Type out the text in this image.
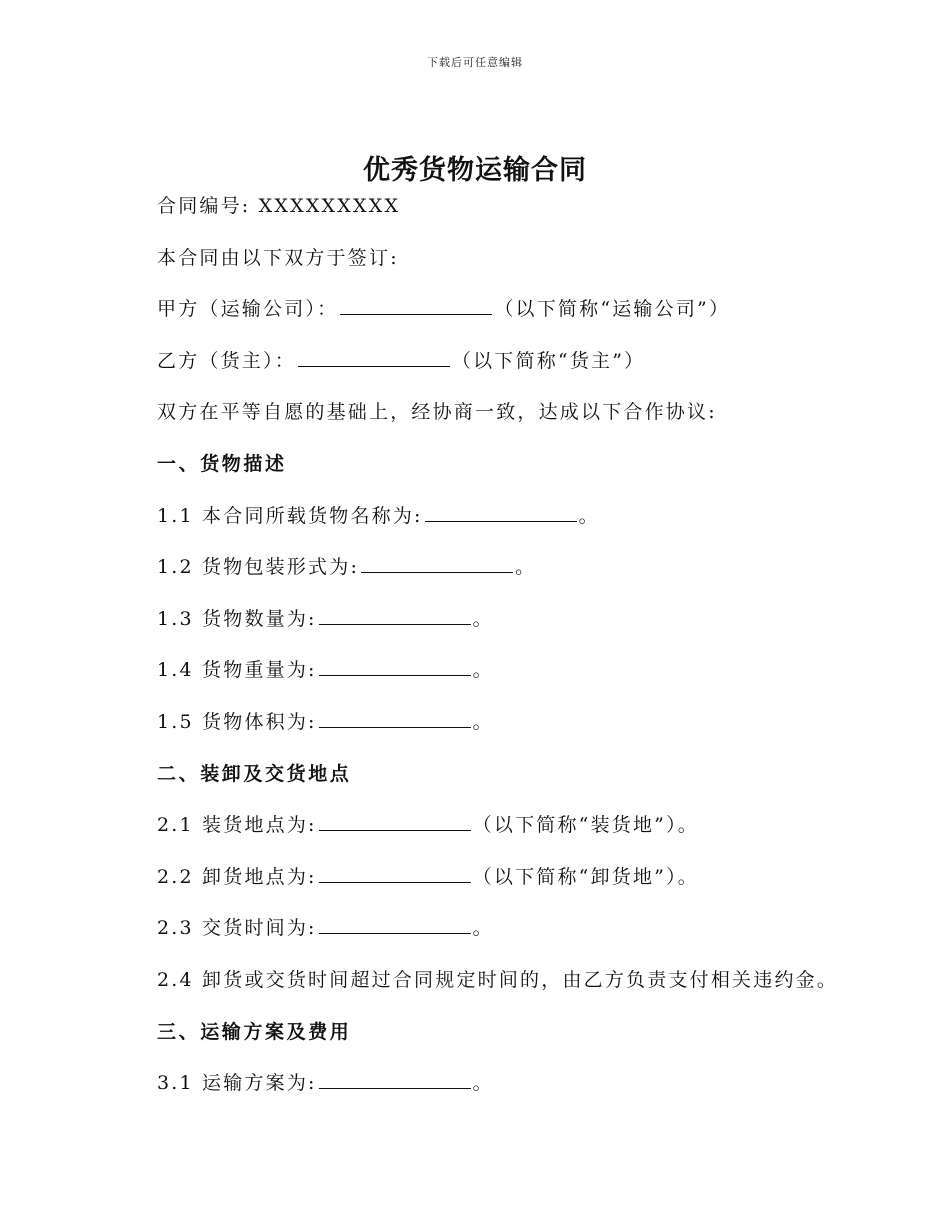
下载后可任意编辑
优秀货物运输合同
合同编号: XXXXXXXXX
本合同由以下双方于签订:
甲方（运输公司）：	（以下简称“运输公司”）
乙方（货主）：	（以下简称“货主”）
双方在平等自愿的基础上，经协商一致，达成以下合作协议:
一、货物描述
1.1 本合同所载货物名称为:	。
1.2 货物包装形式为:	。
1.3 货物数量为:	。
1.4 货物重量为:	。
1.5 货物体积为:	。
二、装卸及交货地点
2.1 装货地点为:	（以下简称“装货地”）。
2.2 卸货地点为:	（以下简称“卸货地”）。
2.3 交货时间为:	。
2.4 卸货或交货时间超过合同规定时间的，由乙方负责支付相关违约金。
三、运输方案及费用
3.1 运输方案为:	。
